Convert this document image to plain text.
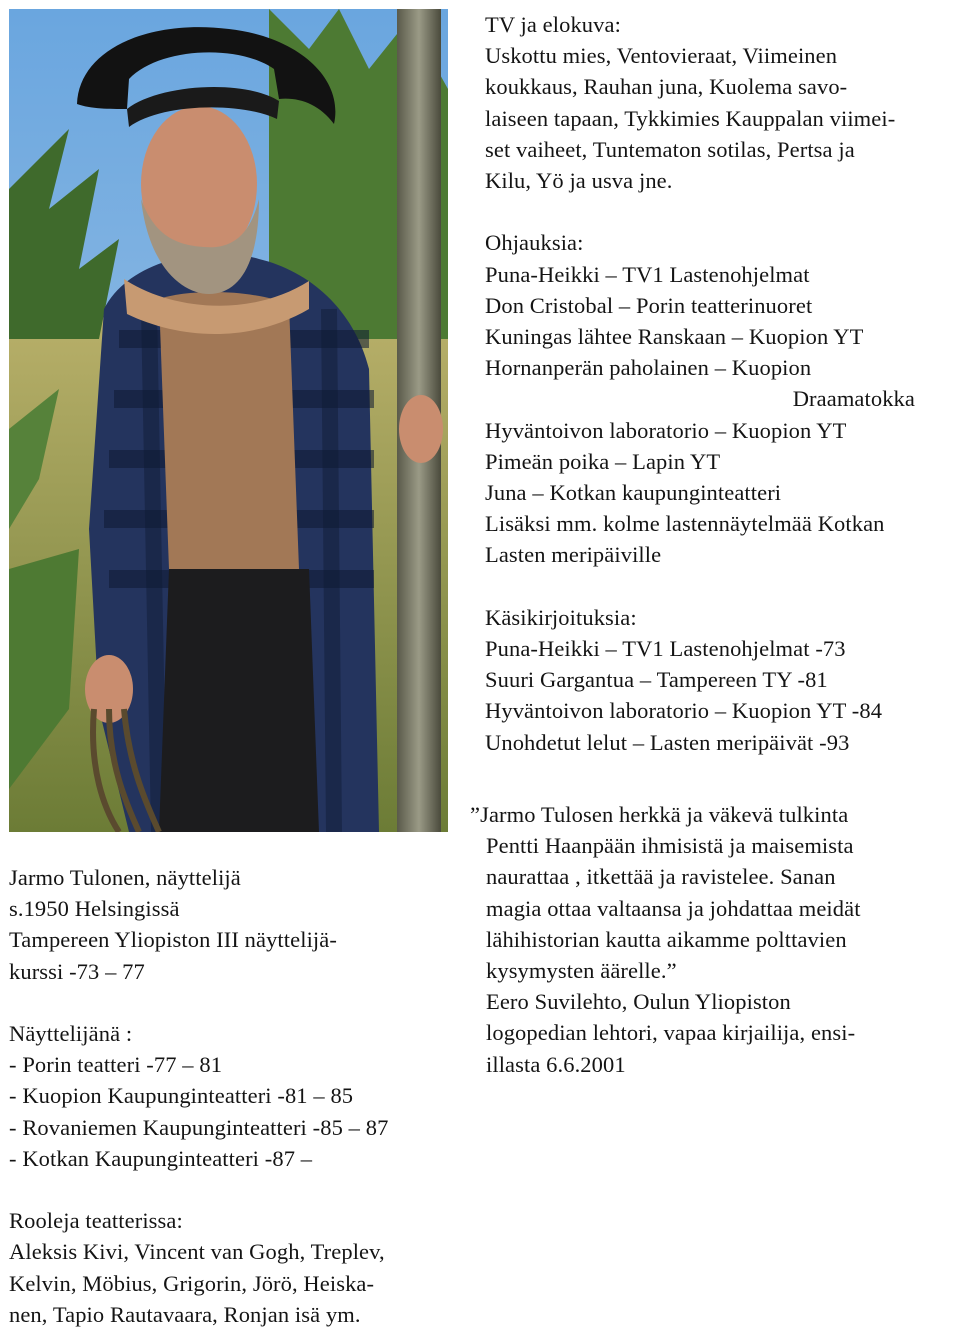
TV ja elokuva:

Uskottu mies, Ventovieraat, Viimeinen
koukkaus, Rauhan juna, Kuolema savo-
laiseen tapaan, Tykkimies Kauppalan viimei-
set vaiheet, Tuntematon sotilas, Pertsa ja
Kilu, Yö ja usva jne.

Ohjauksia:

Puna-Heikki – TV1 Lastenohjelmat
Don Cristobal – Porin teatterinuoret
Kuningas lähtee Ranskaan – Kuopion YT
Hornanperän paholainen – Kuopion
Draamatokka
Hyväntoivon laboratorio – Kuopion YT
Pimeän poika – Lapin YT
Juna – Kotkan kaupunginteatteri
Lisäksi mm. kolme lastennäytelmää Kotkan
Lasten meripäiville

Käsikirjoituksia:

Puna-Heikki – TV1 Lastenohjelmat -73
Suuri Gargantua – Tampereen TY -81
Hyväntoivon laboratorio – Kuopion YT -84
Unohdetut lelut – Lasten meripäivät -93
”Jarmo Tulosen herkkä ja väkevä tulkinta
Pentti Haanpään ihmisistä ja maisemista
naurattaa , itkettää ja ravistelee. Sanan
magia ottaa valtaansa ja johdattaa meidät
lähihistorian kautta aikamme polttavien
kysymysten äärelle.”
Eero Suvilehto, Oulun Yliopiston
logopedian lehtori, vapaa kirjailija, ensi-
illasta 6.6.2001
Jarmo Tulonen, näyttelijä
s.1950 Helsingissä
Tampereen Yliopiston III näyttelijä-
kurssi -73 – 77

Näyttelijänä :

- Porin teatteri -77 – 81
- Kuopion Kaupunginteatteri -81 – 85
- Rovaniemen Kaupunginteatteri -85 – 87
- Kotkan Kaupunginteatteri -87 –

Rooleja teatterissa:

Aleksis Kivi, Vincent van Gogh, Treplev,
Kelvin, Möbius, Grigorin, Jörö, Heiska-
nen, Tapio Rautavaara, Ronjan isä ym.
